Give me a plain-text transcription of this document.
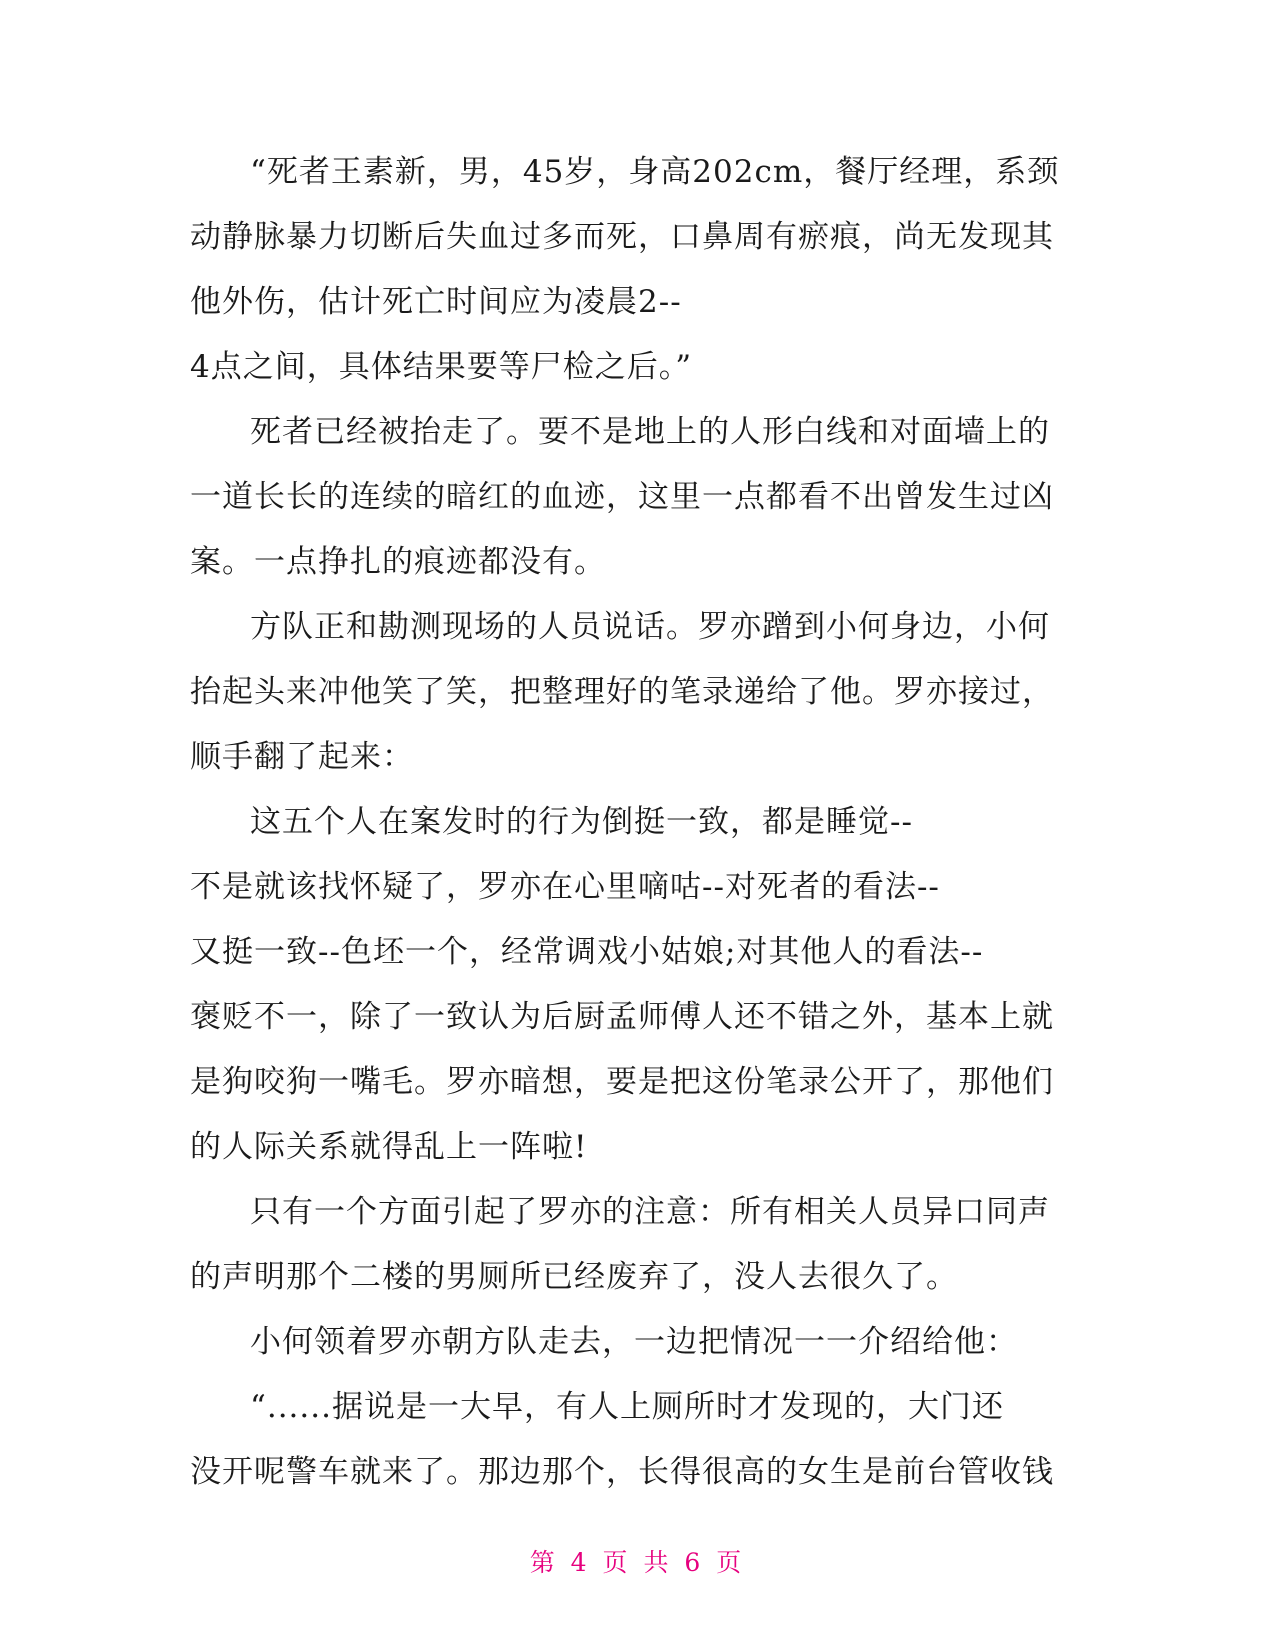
“死者王素新，男，45岁，身高202cm，餐厅经理，系颈
动静脉暴力切断后失血过多而死，口鼻周有瘀痕，尚无发现其
他外伤，估计死亡时间应为凌晨2--
4点之间，具体结果要等尸检之后。”
死者已经被抬走了。要不是地上的人形白线和对面墙上的
一道长长的连续的暗红的血迹，这里一点都看不出曾发生过凶
案。一点挣扎的痕迹都没有。
方队正和勘测现场的人员说话。罗亦蹭到小何身边，小何
抬起头来冲他笑了笑，把整理好的笔录递给了他。罗亦接过，
顺手翻了起来：
这五个人在案发时的行为倒挺一致，都是睡觉--
不是就该找怀疑了，罗亦在心里嘀咕--对死者的看法--
又挺一致--色坯一个，经常调戏小姑娘;对其他人的看法--
褒贬不一，除了一致认为后厨孟师傅人还不错之外，基本上就
是狗咬狗一嘴毛。罗亦暗想，要是把这份笔录公开了，那他们
的人际关系就得乱上一阵啦!
只有一个方面引起了罗亦的注意：所有相关人员异口同声
的声明那个二楼的男厕所已经废弃了，没人去很久了。
小何领着罗亦朝方队走去，一边把情况一一介绍给他：
“......据说是一大早，有人上厕所时才发现的，大门还
没开呢警车就来了。那边那个，长得很高的女生是前台管收钱
第 4 页 共 6 页
